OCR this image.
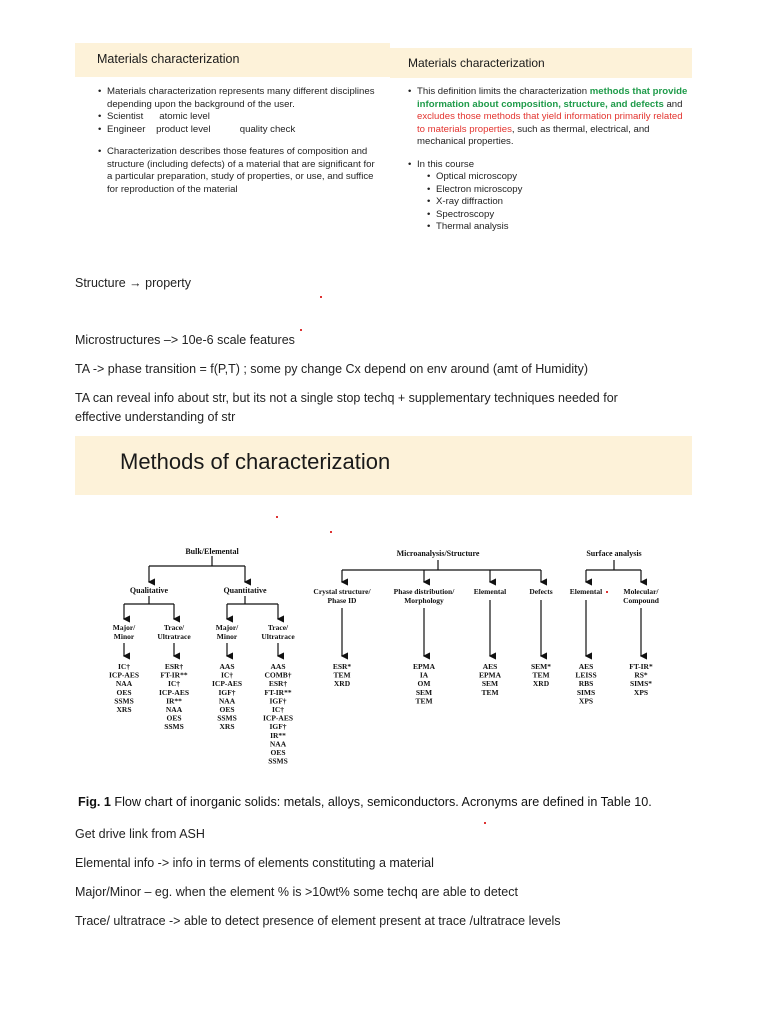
Materials characterization
• Materials characterization represents many different disciplines depending upon the background of the user.
• Scientist      atomic level
• Engineer    product level           quality check
• Characterization describes those features of composition and structure (including defects) of a material that are significant for a particular preparation, study of properties, or use, and suffice for reproduction of the material
Materials characterization
• This definition limits the characterization methods that provide information about composition, structure, and defects and excludes those methods that yield information primarily related to materials properties, such as thermal, electrical, and mechanical properties.
• In this course
• Optical microscopy
• Electron microscopy
• X-ray diffraction
• Spectroscopy
• Thermal analysis
Structure → property
Microstructures –> 10e-6 scale features
TA -> phase transition = f(P,T) ; some py change Cx depend on env around (amt of Humidity)
TA can reveal info about str, but its not a single stop techq + supplementary techniques needed for
effective understanding of str
Methods of characterization
Bulk/Elemental	Microanalysis/Structure	Surface analysis
Qualitative	Quantitative
Major/
Minor
Trace/
Ultratrace
Major/
Minor
Trace/
Ultratrace
Crystal structure/
Phase ID
Phase distribution/
Morphology
Elemental	Defects Elemental	Molecular/
Compound
IC†
ICP-AES
NAA
OES
SSMS
XRS
ESR†
FT-IR**
IC†
ICP-AES
IR**
NAA
OES
SSMS
AAS
IC†
ICP-AES
IGF†
NAA
OES
SSMS
XRS
AAS
COMB†
ESR†
FT-IR**
IGF†
IC†
ICP-AES
IGF†
IR**
NAA
OES
SSMS
ESR*
TEM
XRD
EPMA
IA
OM
SEM
TEM
AES
EPMA
SEM
TEM
SEM*
TEM
XRD
AES
LEISS
RBS
SIMS
XPS
FT-IR*
RS*
SIMS*
XPS
Fig. 1 Flow chart of inorganic solids: metals, alloys, semiconductors. Acronyms are defined in Table 10.
Get drive link from ASH
Elemental info -> info in terms of elements constituting a material
Major/Minor – eg. when the element % is >10wt% some techq are able to detect
Trace/ ultratrace -> able to detect presence of element present at trace /ultratrace levels
